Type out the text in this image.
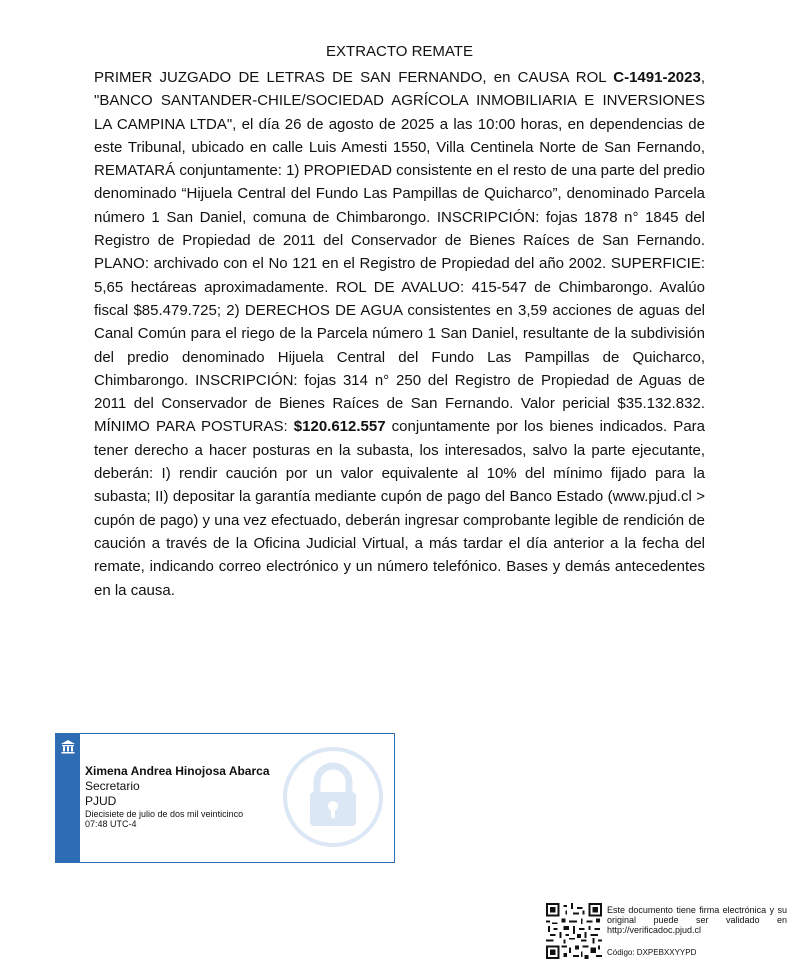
EXTRACTO REMATE

PRIMER JUZGADO DE LETRAS DE SAN FERNANDO, en CAUSA ROL C-1491-2023, "BANCO SANTANDER-CHILE/SOCIEDAD AGRÍCOLA INMOBILIARIA E INVERSIONES LA CAMPINA LTDA", el día 26 de agosto de 2025 a las 10:00 horas, en dependencias de este Tribunal, ubicado en calle Luis Amesti 1550, Villa Centinela Norte de San Fernando, REMATARÁ conjuntamente: 1) PROPIEDAD consistente en el resto de una parte del predio denominado “Hijuela Central del Fundo Las Pampillas de Quicharco”, denominado Parcela número 1 San Daniel, comuna de Chimbarongo. INSCRIPCIÓN: fojas 1878 n° 1845 del Registro de Propiedad de 2011 del Conservador de Bienes Raíces de San Fernando. PLANO: archivado con el No 121 en el Registro de Propiedad del año 2002. SUPERFICIE: 5,65 hectáreas aproximadamente. ROL DE AVALUO: 415-547 de Chimbarongo. Avalúo fiscal $85.479.725; 2) DERECHOS DE AGUA consistentes en 3,59 acciones de aguas del Canal Común para el riego de la Parcela número 1 San Daniel, resultante de la subdivisión del predio denominado Hijuela Central del Fundo Las Pampillas de Quicharco, Chimbarongo. INSCRIPCIÓN: fojas 314 n° 250 del Registro de Propiedad de Aguas de 2011 del Conservador de Bienes Raíces de San Fernando. Valor pericial $35.132.832. MÍNIMO PARA POSTURAS: $120.612.557 conjuntamente por los bienes indicados. Para tener derecho a hacer posturas en la subasta, los interesados, salvo la parte ejecutante, deberán: I) rendir caución por un valor equivalente al 10% del mínimo fijado para la subasta; II) depositar la garantía mediante cupón de pago del Banco Estado (www.pjud.cl > cupón de pago) y una vez efectuado, deberán ingresar comprobante legible de rendición de caución a través de la Oficina Judicial Virtual, a más tardar el día anterior a la fecha del remate, indicando correo electrónico y un número telefónico. Bases y demás antecedentes en la causa.

Ximena Andrea Hinojosa Abarca
Secretario
PJUD
Diecisiete de julio de dos mil veinticinco
07:48 UTC-4
Este documento tiene firma electrónica y su original puede ser validado en http://verificadoc.pjud.cl
Código: DXPEBXXYYPD
